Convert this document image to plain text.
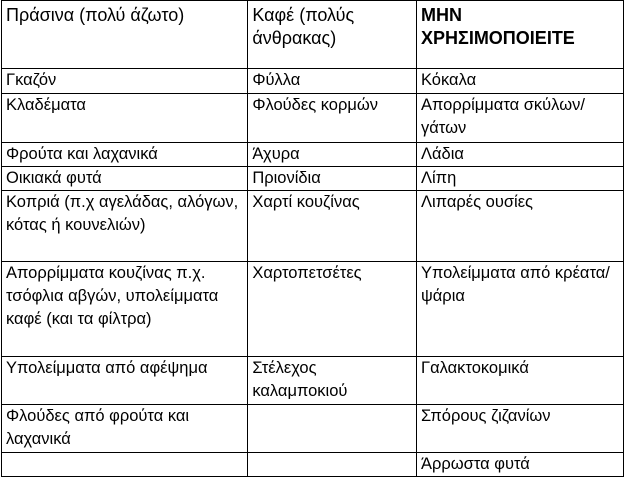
Πράσινα (πολύ άζωτο)	Καφέ (πολύς άνθρακας)	ΜΗΝ ΧΡΗΣΙΜΟΠΟΙΕΙΤΕ
Γκαζόν	Φύλλα	Κόκαλα
Κλαδέματα	Φλούδες κορμών	Απορρίμματα σκύλων/γάτων
Φρούτα και λαχανικά	Άχυρα	Λάδια
Οικιακά φυτά	Πριονίδια	Λίπη
Κοπριά (π.χ αγελάδας, αλόγων, κότας ή κουνελιών)	Χαρτί κουζίνας	Λιπαρές ουσίες
Απορρίμματα κουζίνας π.χ. τσόφλια αβγών, υπολείμματα καφέ (και τα φίλτρα)	Χαρτοπετσέτες	Υπολείμματα από κρέατα/ψάρια
Υπολείμματα από αφέψημα	Στέλεχος καλαμποκιού	Γαλακτοκομικά
Φλούδες από φρούτα και λαχανικά		Σπόρους ζιζανίων
		Άρρωστα φυτά
